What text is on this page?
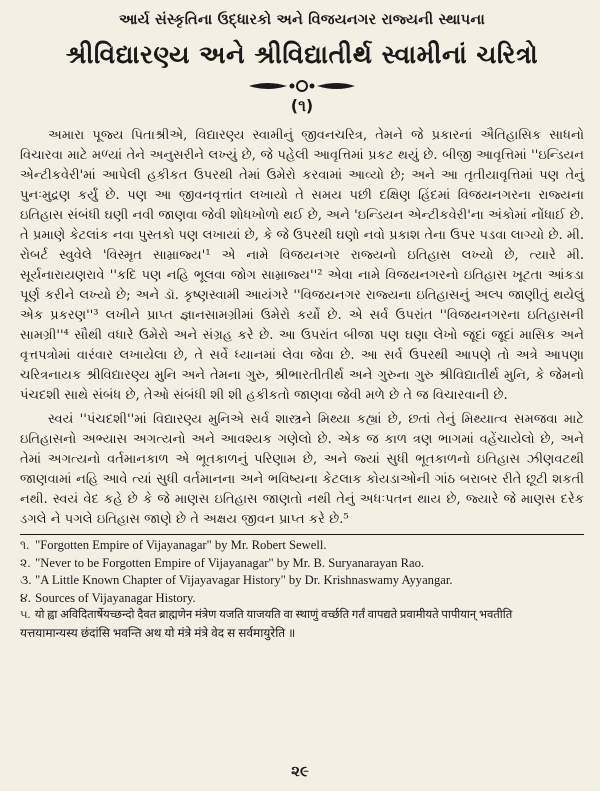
આર્ય સંસ્કૃતિના ઉદ્ધારકો અને વિજયનગર રાજ્યની સ્થાપના
શ્રીવિદ્યારણ્ય અને શ્રીવિદ્યાતીર્થ સ્વામીનાં ચરિત્રો
(૧)

અમારા પૂજ્ય પિતાશ્રીએ, વિદ્યારણ્ય સ્વામીનું જીવનચરિત્ર, તેમને જે પ્રકારનાં ઐતિહાસિક સાધનો વિચારવા માટે મળ્યાં તેને અનુસરીને લખ્યું છે, જે પહેલી આવૃત્તિમાં પ્રકટ થયું છે. બીજી આવૃત્તિમાં ''ઇન્ડિયન એન્ટીકવેરી'માં આપેલી હકીકત ઉપરથી તેમાં ઉમેરો કરવામાં આવ્યો છે; અને આ તૃતીયાવૃત્તિમાં પણ તેનું પુનઃમુદ્રણ કર્યું છે. પણ આ જીવનવૃત્તાંત લખાયો તે સમય પછી દક્ષિણ હિંદમાં વિજયનગરના રાજ્યના ઇતિહાસ સંબંધી ઘણી નવી જાણવા જેવી શોધખોળો થઈ છે, અને 'ઇન્ડિયન એન્ટીકવેરી'ના અંકોમાં નોંધાઈ છે. તે પ્રમાણે કેટલાંક નવા પુસ્તકો પણ લખાયાં છે, કે જે ઉપરથી ઘણો નવો પ્રકાશ તેના ઉપર પડવા લાગ્યો છે. મી. રોબર્ટ સ્વુવેલે 'વિસ્મૃત સામ્રાજ્ય'¹ એ નામે વિજયનગર રાજ્યનો ઇતિહાસ લખ્યો છે, ત્યારે મી. સૂર્યનારાયણરાવે ''કદિ પણ નહિ ભૂલવા જોગ સામ્રાજ્ય''² એવા નામે વિજયનગરનો ઇતિહાસ ખૂટતા આંકડા પૂર્ણ કરીને લખ્યો છે; અને ડૉ. કૃષ્ણસ્વામી આયંગરે ''વિજયનગર રાજ્યના ઇતિહાસનું અલ્પ જાણીતું થયેલું એક પ્રકરણ''³ લખીને પ્રાપ્ત જ્ઞાનસામગ્રીમાં ઉમેરો કર્યો છે. એ સર્વ ઉપરાંત ''વિજયનગરના ઇતિહાસની સામગ્રી''⁴ સૌથી વધારે ઉમેરો અને સંગ્રહ કરે છે. આ ઉપરાંત બીજા પણ ઘણા લેખો જૂદાં જૂદાં માસિક અને વૃત્તપત્રોમાં વારંવાર લખાયેલા છે, તે સર્વે ધ્યાનમાં લેવા જેવા છે. આ સર્વ ઉપરથી આપણે તો અત્રે આપણા ચરિત્રનાયક શ્રીવિદ્યારણ્ય મુનિ અને તેમના ગુરુ, શ્રીભારતીતીર્થ અને ગુરુના ગુરુ શ્રીવિદ્યાતીર્થ મુનિ, કે જેમનો પંચદશી સાથે સંબંધ છે, તેઓ સંબંધી શી શી હકીકતો જાણવા જેવી મળે છે તે જ વિચારવાની છે.

સ્વયં ''પંચદશી''માં વિદ્યારણ્ય મુનિએ સર્વ શાસ્ત્રને મિથ્યા કહ્યાં છે, છતાં તેનું મિથ્યાત્વ સમજવા માટે ઇતિહાસનો અભ્યાસ અગત્યનો અને આવશ્યક ગણેલો છે. એક જ કાળ ત્રણ ભાગમાં વહેંચાયેલો છે, અને તેમાં અગત્યનો વર્તમાનકાળ એ ભૂતકાળનું પરિણામ છે, અને જ્યાં સુધી ભૂતકાળનો ઇતિહાસ ઝીણવટથી જાણવામાં નહિ આવે ત્યાં સુધી વર્તમાનના અને ભવિષ્યના કેટલાક કોયડાઓની ગાંઠ બરાબર રીતે છૂટી શકતી નથી. સ્વયં વેદ કહે છે કે જે માણસ ઇતિહાસ જાણતો નથી તેનું અધઃપતન થાય છે, જ્યારે જે માણસ દરેક ડગલે ને પગલે ઇતિહાસ જાણે છે તે અક્ષય જીવન પ્રાપ્ત કરે છે.⁵

૧. "Forgotten Empire of Vijayanagar" by Mr. Robert Sewell.
૨. "Never to be Forgotten Empire of Vijayanagar" by Mr. B. Suryanarayan Rao.
૩. "A Little Known Chapter of Vijayavagar History" by Dr. Krishnaswamy Ayyangar.
૪. Sources of Vijayanagar History.
૫. यो ह्वा अविदितार्षेयच्छन्दो दैवत ब्राह्मणेन मंत्रेण यजति याजयति वा स्थाणुं वर्च्छति गर्तं वापद्यते प्रवामीयते पापीयान् भवतीति
यत्तयामान्यस्य छंदांसि भवन्ति अथ यो मंत्रे मंत्रे वेद स सर्वमायुरेति ॥
૨૯
